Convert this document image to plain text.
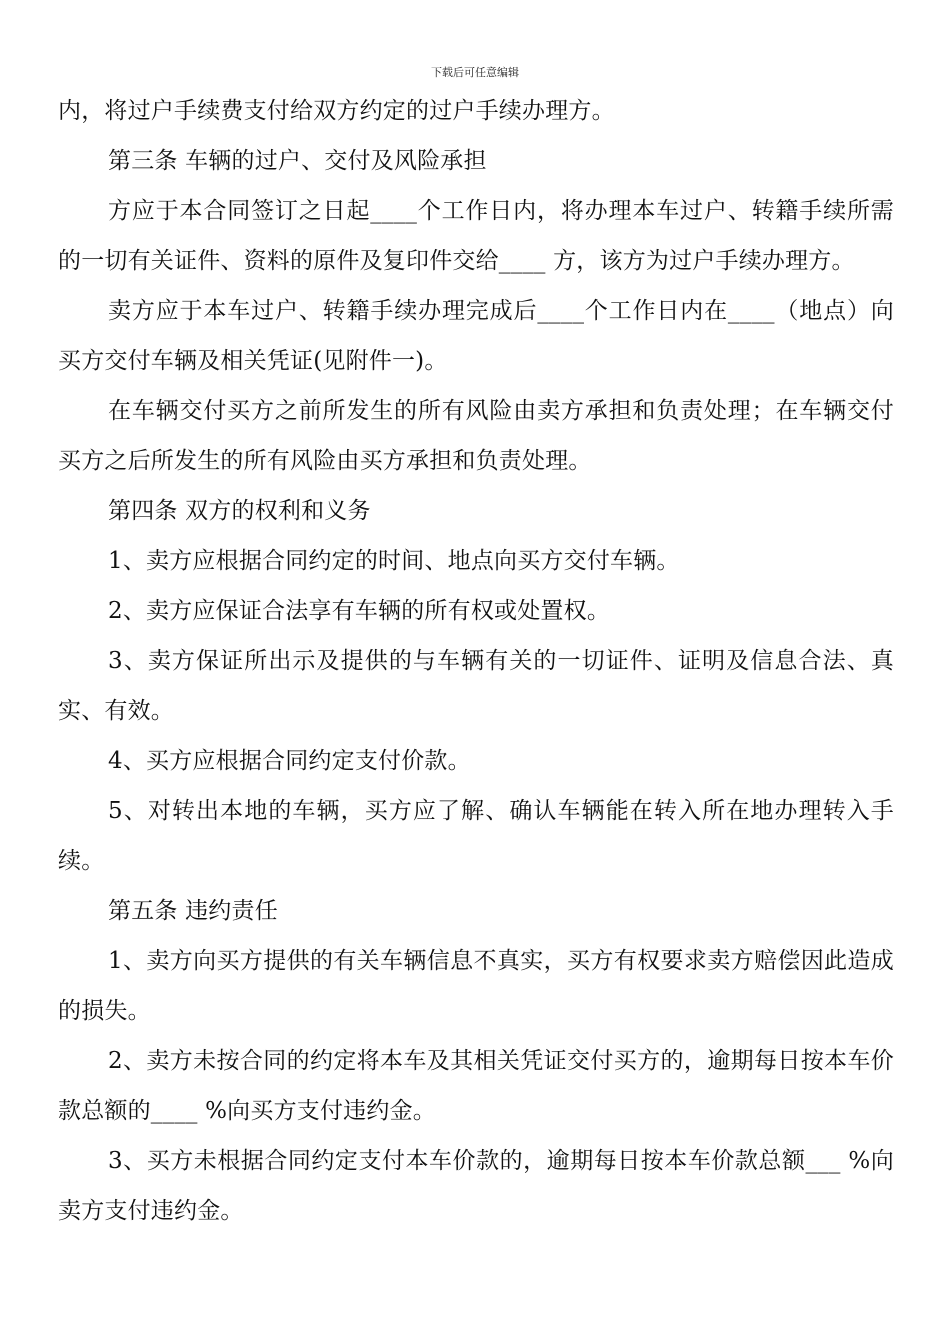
下载后可任意编辑

内，将过户手续费支付给双方约定的过户手续办理方。

第三条 车辆的过户、交付及风险承担

方应于本合同签订之日起____个工作日内，将办理本车过户、转籍手续所需的一切有关证件、资料的原件及复印件交给____ 方，该方为过户手续办理方。

卖方应于本车过户、转籍手续办理完成后____个工作日内在____（地点）向买方交付车辆及相关凭证(见附件一)。

在车辆交付买方之前所发生的所有风险由卖方承担和负责处理；在车辆交付买方之后所发生的所有风险由买方承担和负责处理。

第四条 双方的权利和义务

1、卖方应根据合同约定的时间、地点向买方交付车辆。

2、卖方应保证合法享有车辆的所有权或处置权。

3、卖方保证所出示及提供的与车辆有关的一切证件、证明及信息合法、真实、有效。

4、买方应根据合同约定支付价款。

5、对转出本地的车辆，买方应了解、确认车辆能在转入所在地办理转入手续。

第五条 违约责任

1、卖方向买方提供的有关车辆信息不真实，买方有权要求卖方赔偿因此造成的损失。

2、卖方未按合同的约定将本车及其相关凭证交付买方的，逾期每日按本车价款总额的____ %向买方支付违约金。

3、买方未根据合同约定支付本车价款的，逾期每日按本车价款总额___ %向卖方支付违约金。
